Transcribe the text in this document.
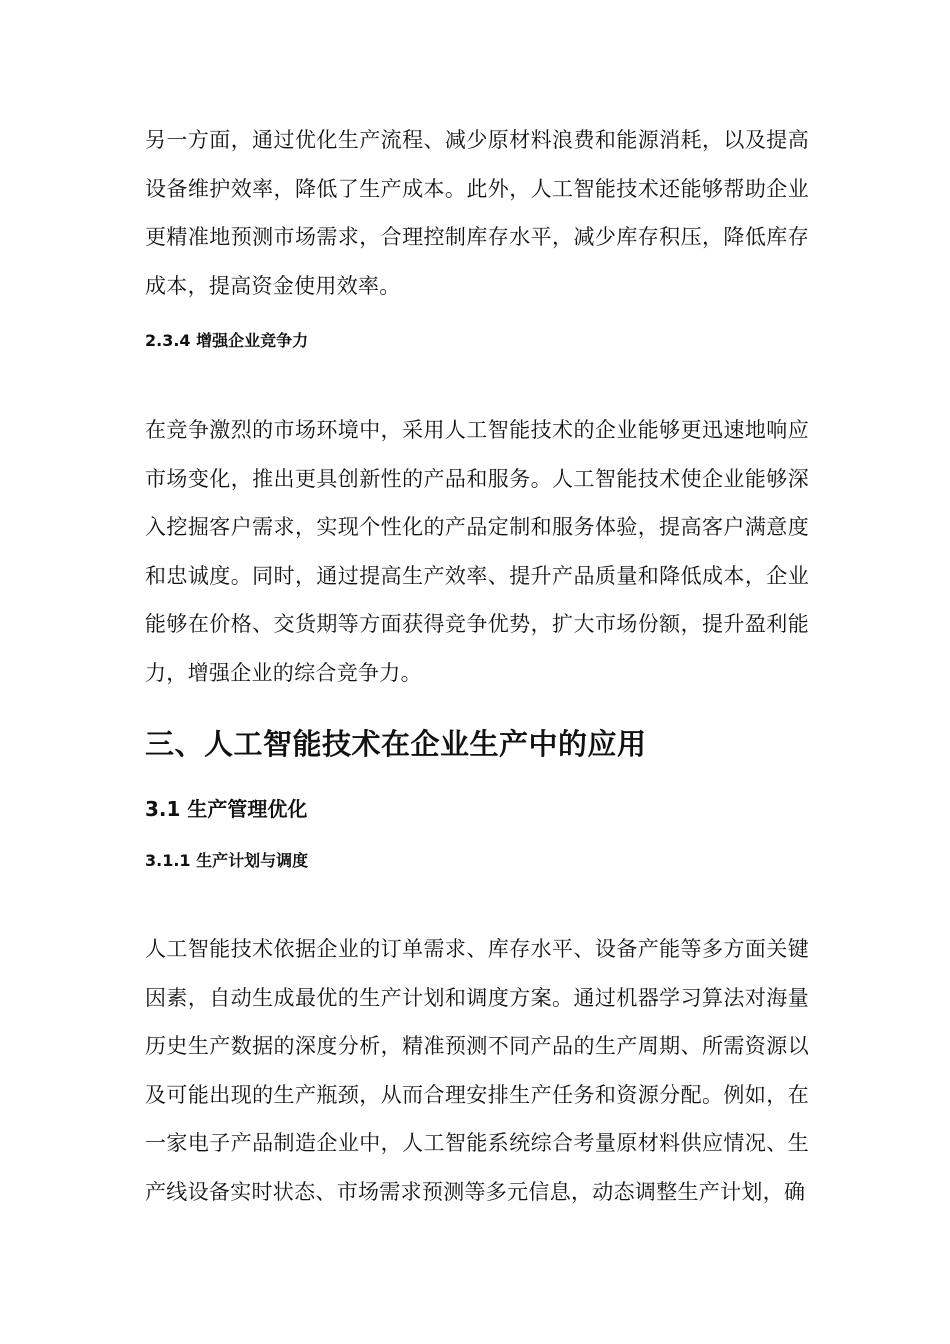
另一方面，通过优化生产流程、减少原材料浪费和能源消耗，以及提高设备维护效率，降低了生产成本。此外，人工智能技术还能够帮助企业更精准地预测市场需求，合理控制库存水平，减少库存积压，降低库存成本，提高资金使用效率。

2.3.4 增强企业竞争力

在竞争激烈的市场环境中，采用人工智能技术的企业能够更迅速地响应市场变化，推出更具创新性的产品和服务。人工智能技术使企业能够深入挖掘客户需求，实现个性化的产品定制和服务体验，提高客户满意度和忠诚度。同时，通过提高生产效率、提升产品质量和降低成本，企业能够在价格、交货期等方面获得竞争优势，扩大市场份额，提升盈利能力，增强企业的综合竞争力。

三、人工智能技术在企业生产中的应用
3.1 生产管理优化
3.1.1 生产计划与调度

人工智能技术依据企业的订单需求、库存水平、设备产能等多方面关键因素，自动生成最优的生产计划和调度方案。通过机器学习算法对海量历史生产数据的深度分析，精准预测不同产品的生产周期、所需资源以及可能出现的生产瓶颈，从而合理安排生产任务和资源分配。例如，在一家电子产品制造企业中，人工智能系统综合考量原材料供应情况、生产线设备实时状态、市场需求预测等多元信息，动态调整生产计划，确
